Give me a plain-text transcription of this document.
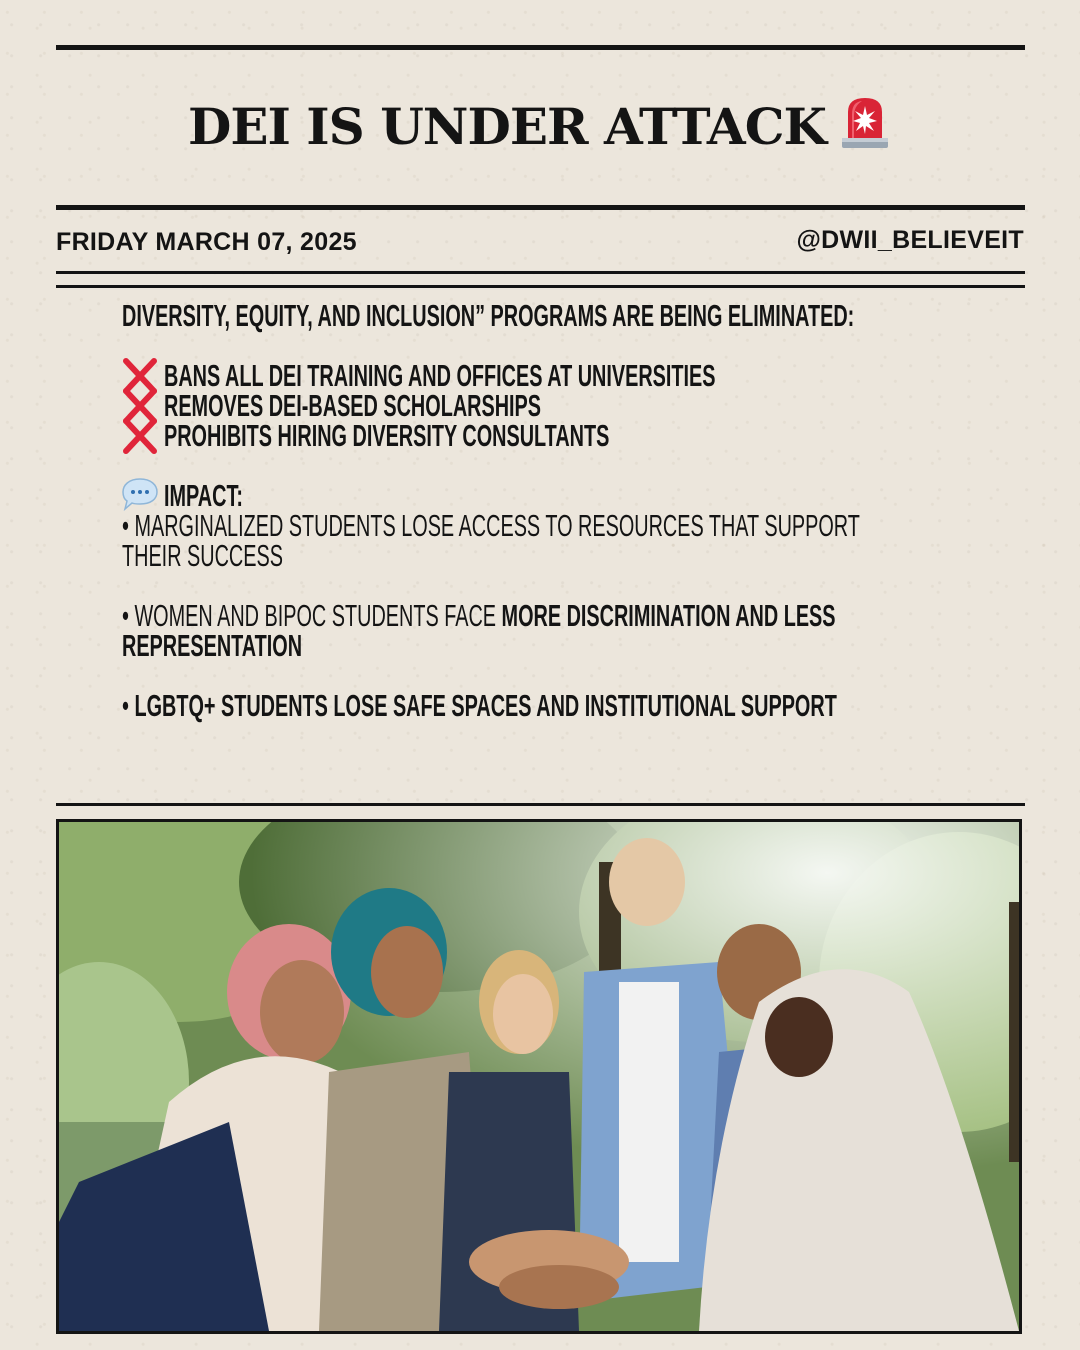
DEI IS UNDER ATTACK
FRIDAY MARCH 07, 2025	@DWII_BELIEVEIT
DIVERSITY, EQUITY, AND INCLUSION” PROGRAMS ARE BEING ELIMINATED:
BANS ALL DEI TRAINING AND OFFICES AT UNIVERSITIES
REMOVES DEI-BASED SCHOLARSHIPS
PROHIBITS HIRING DIVERSITY CONSULTANTS
IMPACT:
• MARGINALIZED STUDENTS LOSE ACCESS TO RESOURCES THAT SUPPORT
THEIR SUCCESS
• WOMEN AND BIPOC STUDENTS FACE MORE DISCRIMINATION AND LESS
REPRESENTATION
• LGBTQ+ STUDENTS LOSE SAFE SPACES AND INSTITUTIONAL SUPPORT
